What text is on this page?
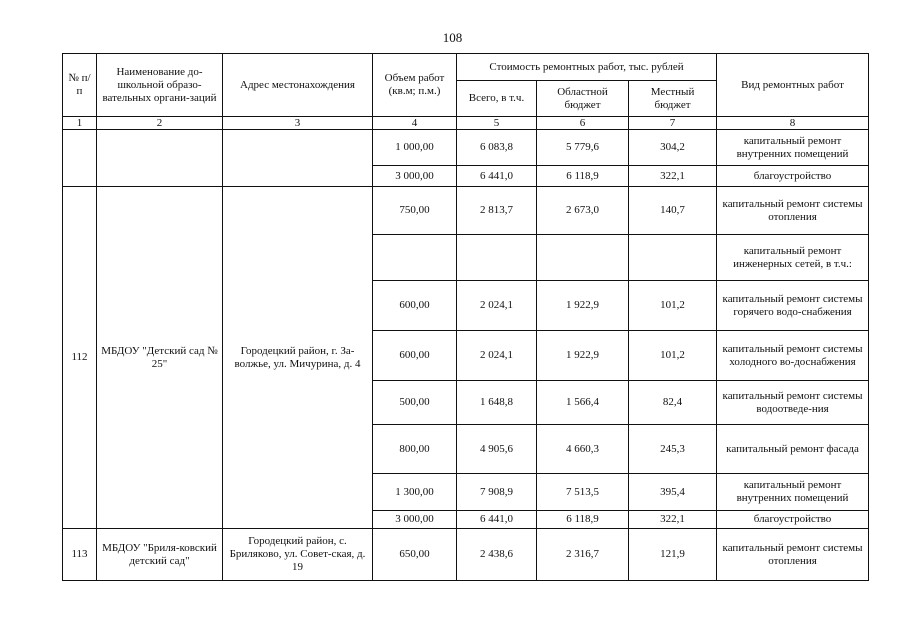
108
№ п/п	Наименование до-школьной образо-вательных органи-заций	Адрес местонахождения	Объем работ (кв.м; п.м.)	Стоимость ремонтных работ, тыс. рублей			Вид ремонтных работ
				Всего, в т.ч.	Областной бюджет	Местный бюджет	
1	2	3	4	5	6	7	8
			1 000,00	6 083,8	5 779,6	304,2	капитальный ремонт внутренних помещений
			3 000,00	6 441,0	6 118,9	322,1	благоустройство
112	МБДОУ "Детский сад № 25"	Городецкий район, г. За-волжье, ул. Мичурина, д. 4	750,00	2 813,7	2 673,0	140,7	капитальный ремонт системы отопления
							капитальный ремонт инженерных сетей, в т.ч.:
			600,00	2 024,1	1 922,9	101,2	капитальный ремонт системы горячего водо-снабжения
			600,00	2 024,1	1 922,9	101,2	капитальный ремонт системы холодного во-доснабжения
			500,00	1 648,8	1 566,4	82,4	капитальный ремонт системы водоотведе-ния
			800,00	4 905,6	4 660,3	245,3	капитальный ремонт фасада
			1 300,00	7 908,9	7 513,5	395,4	капитальный ремонт внутренних помещений
			3 000,00	6 441,0	6 118,9	322,1	благоустройство
113	МБДОУ "Бриля-ковский детский сад"	Городецкий район, с. Бриляково, ул. Совет-ская, д. 19	650,00	2 438,6	2 316,7	121,9	капитальный ремонт системы отопления
